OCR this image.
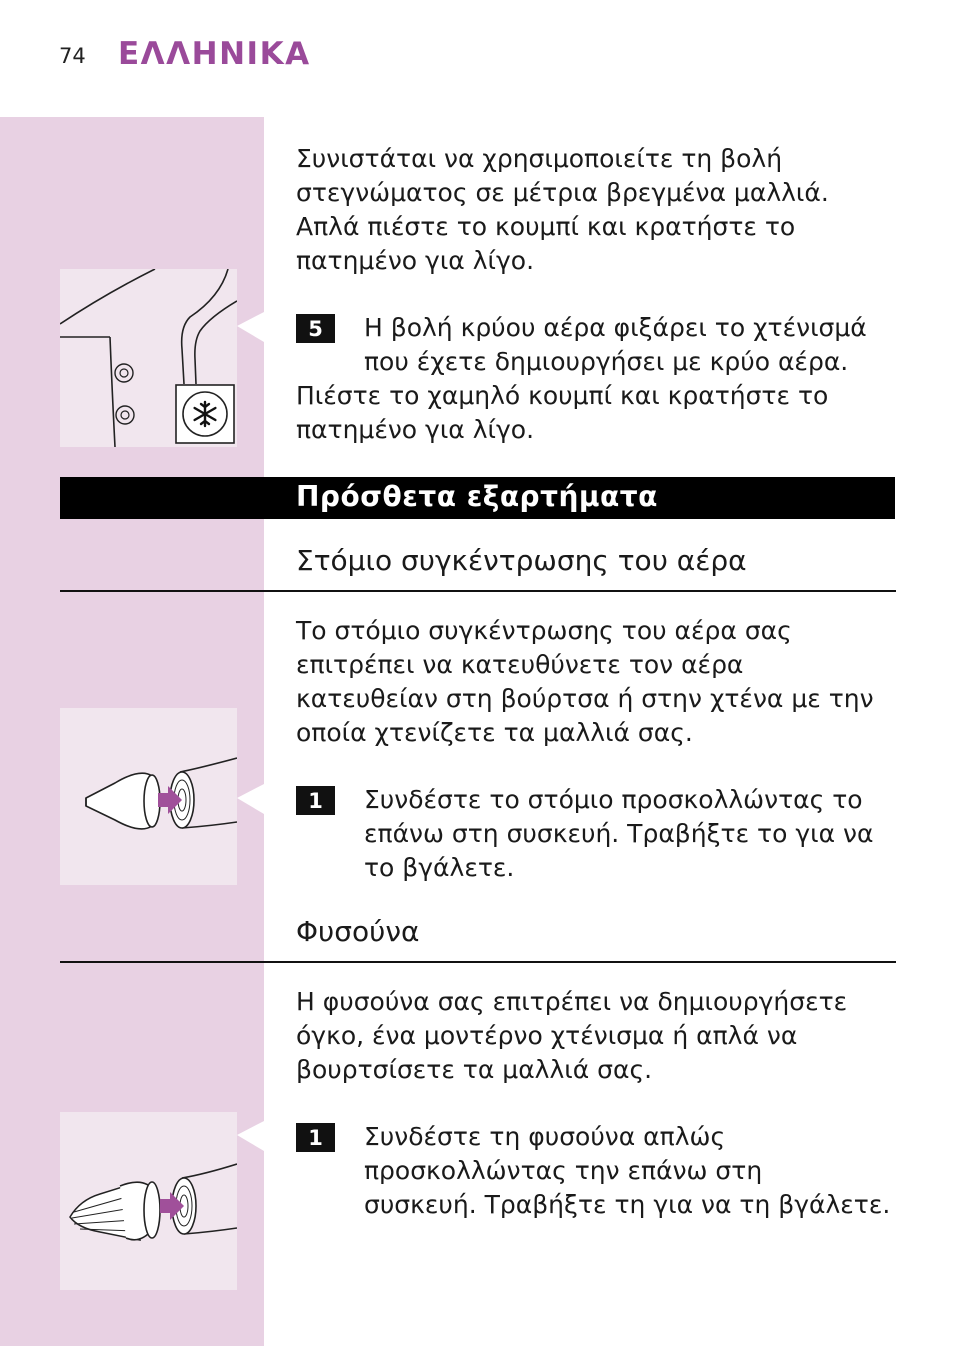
74 ΕΛΛΗΝΙΚΑ

Συνιστάται να χρησιμοποιείτε τη βολή

στεγνώματος σε μέτρια βρεγμένα μαλλιά.

Απλά πιέστε το κουμπί και κρατήστε το

πατημένο για λίγο.

5	Η βολή κρύου αέρα φιξάρει το χτένισμά

που έχετε δημιουργήσει με κρύο αέρα.

Πιέστε το χαμηλό κουμπί και κρατήστε το

πατημένο για λίγο.

Πρόσθετα εξαρτήματα
Στόμιο συγκέντρωσης του αέρα

Το στόμιο συγκέντρωσης του αέρα σας

επιτρέπει να κατευθύνετε τον αέρα

κατευθείαν στη βούρτσα ή στην χτένα με την

οποία χτενίζετε τα μαλλιά σας.

1	Συνδέστε το στόμιο προσκολλώντας το

επάνω στη συσκευή. Τραβήξτε το για να

το βγάλετε.

Φυσούνα

Η φυσούνα σας επιτρέπει να δημιουργήσετε

όγκο, ένα μοντέρνο χτένισμα ή απλά να

βουρτσίσετε τα μαλλιά σας.

1	Συνδέστε τη φυσούνα απλώς

προσκολλώντας την επάνω στη

συσκευή. Τραβήξτε τη για να τη βγάλετε.
